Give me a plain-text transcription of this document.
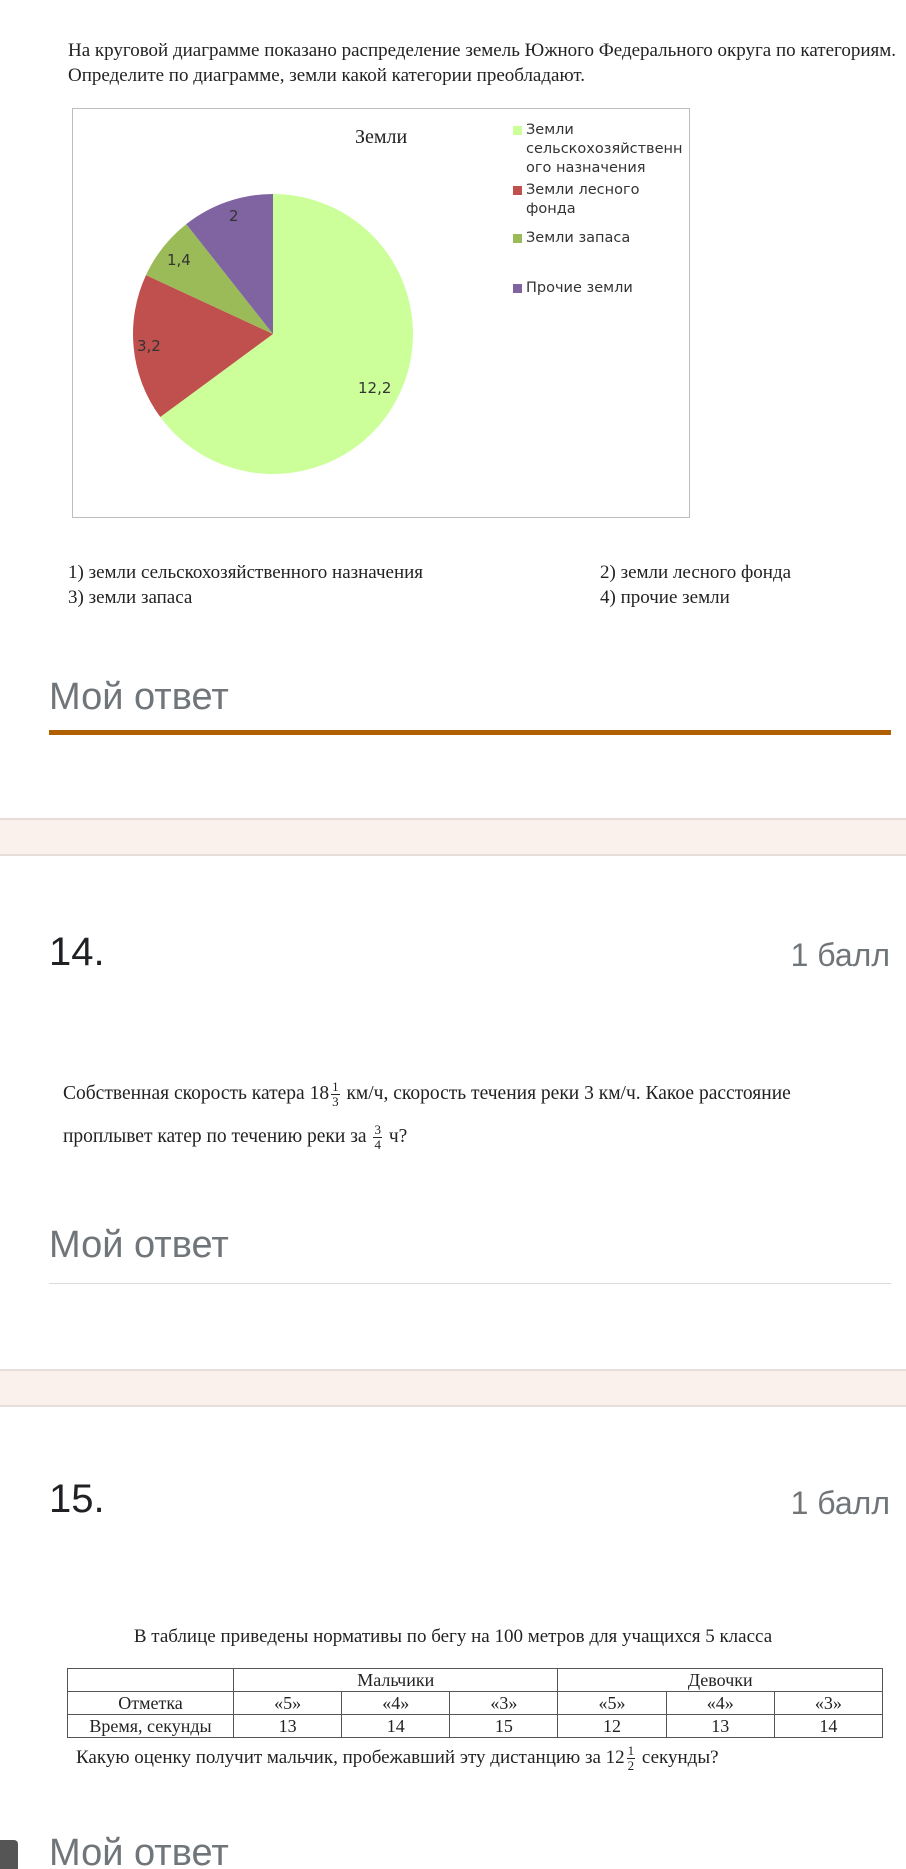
На круговой диаграмме показано распределение земель Южного Федерального округа по категориям. Определите по диаграмме, земли какой категории преобладают.
Земли	Земли
сельскохозяйственн
ого назначения
Земли лесного
фонда
Земли запаса
Прочие земли
12,2
3,2
1,4
2
1) земли сельскохозяйственного назначения	2) земли лесного фонда
3) земли запаса	4) прочие земли
Мой ответ
14.	1 балл
Собственная скорость катера $18 \frac{1}{3} км/ч$, скорость течения реки 3 км/ч. Какое расстояние
проплывет катер по течению реки за $\frac{3}{4} ч$?
Мой ответ
15.	1 балл
В таблице приведены нормативы по бегу на 100 метров для учащихся 5 класса
	Мальчики			Девочки		
Отметка	«5»	«4»	«3»	«5»	«4»	«3»
Время, секунды	13	14	15	12	13	14
Какую оценку получит мальчик, пробежавший эту дистанцию за $12 \frac{1}{2}$ секунды?
Мой ответ
